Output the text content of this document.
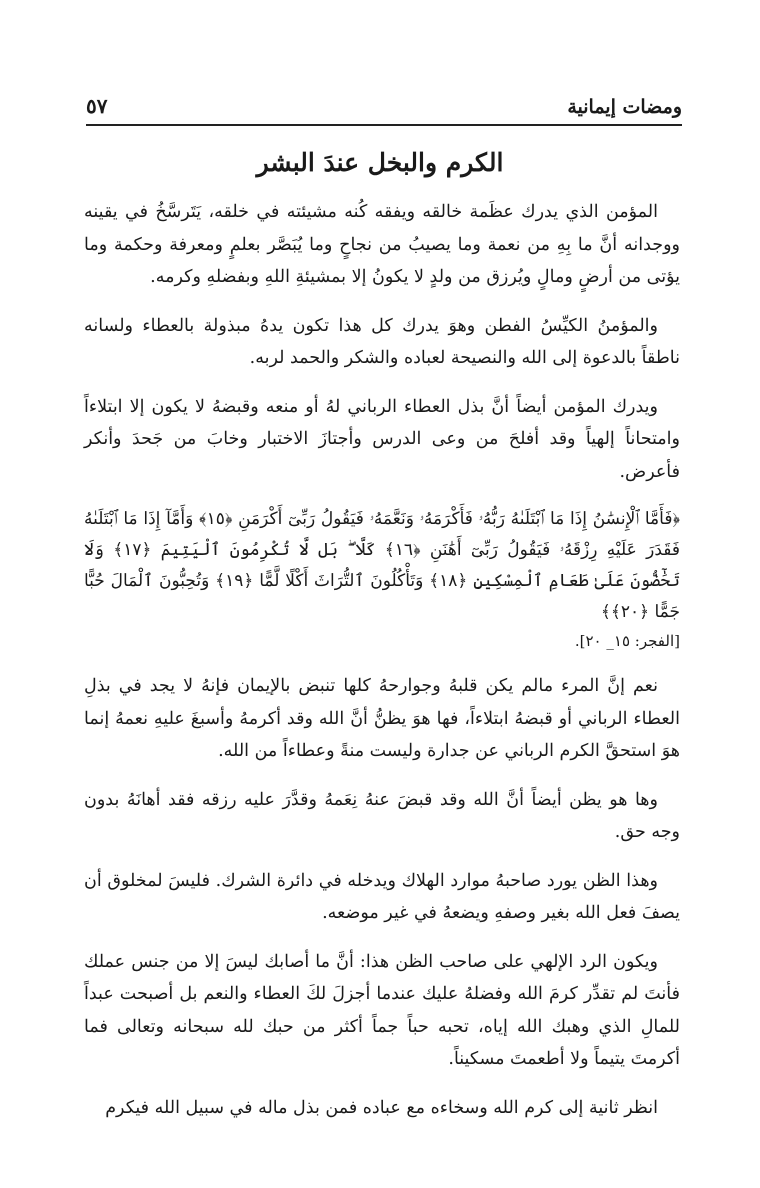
ومضات إيمانية
٥٧
الكرم والبخل عندَ البشر

المؤمن الذي يدرك عظَمة خالقه ويفقه كُنه مشيئته في خلقه، يَتَرسَّخُ في يقينه ووجدانه أنَّ ما بِهِ من نعمة وما يصيبُ من نجاحٍ وما يُبَصَّر بعلمٍ ومعرفة وحكمة وما يؤتى من أرضٍ ومالٍ ويُرزق من ولدٍ لا يكونُ إلا بمشيئةِ اللهِ وبفضلهِ وكرمه.

والمؤمنُ الكيِّسُ الفطن وهوَ يدرك كل هذا تكون يدهُ مبذولة بالعطاء ولسانه ناطقاً بالدعوة إلى الله والنصيحة لعباده والشكر والحمد لربه.

ويدرك المؤمن أيضاً أنَّ بذل العطاء الرباني لهُ أو منعه وقبضهُ لا يكون إلا ابتلاءاً وامتحاناً إلهياً وقد أفلحَ من وعى الدرس وأجتازَ الاختبار وخابَ من جَحدَ وأنكر فأعرض.

﴿فَأَمَّا ٱلْإِنسَٰنُ إِذَا مَا ٱبْتَلَىٰهُ رَبُّهُۥ فَأَكْرَمَهُۥ وَنَعَّمَهُۥ فَيَقُولُ رَبِّىٓ أَكْرَمَنِ ﴿١٥﴾ وَأَمَّآ إِذَا مَا ٱبْتَلَىٰهُ فَقَدَرَ عَلَيْهِ رِزْقَهُۥ فَيَقُولُ رَبِّىٓ أَهَٰنَنِ ﴿١٦﴾ كَلَّا ۖ بَل لَّا تُكْرِمُونَ ٱلْيَتِيمَ ﴿١٧﴾ وَلَا تَحَٰٓضُّونَ عَلَىٰ طَعَامِ ٱلْمِسْكِينِ ﴿١٨﴾ وَتَأْكُلُونَ ٱلتُّرَاثَ أَكْلًا لَّمًّا ﴿١٩﴾ وَتُحِبُّونَ ٱلْمَالَ حُبًّا جَمًّا ﴿٢٠﴾﴾

[الفجر: ١٥_ ٢٠].

نعم إنَّ المرء مالم يكن قلبهُ وجوارحهُ كلها تنبض بالإيمان فإنهُ لا يجد في بذلِ العطاء الرباني أو قبضهُ ابتلاءاً، فها هوَ يظنُّ أنَّ الله وقد أكرمهُ وأسبغَ عليهِ نعمهُ إنما هوَ استحقَّ الكرم الرباني عن جدارة وليست منةً وعطاءاً من الله.

وها هو يظن أيضاً أنَّ الله وقد قبضَ عنهُ نِعَمهُ وقدَّرَ عليه رزقه فقد أهانَهُ بدون وجه حق.

وهذا الظن يورد صاحبهُ موارد الهلاك ويدخله في دائرة الشرك. فليسَ لمخلوق أن يصفَ فعل الله بغير وصفهِ ويضعهُ في غير موضعه.

ويكون الرد الإلهي على صاحب الظن هذا: أنَّ ما أصابك ليسَ إلا من جنس عملك فأنتَ لم تقدِّر كرمَ الله وفضلهُ عليك عندما أجزلَ لكَ العطاء والنعم بل أصبحت عبداً للمالِ الذي وهبك الله إياه، تحبه حباً جماً أكثر من حبك لله سبحانه وتعالى فما أكرمتَ يتيماً ولا أطعمتَ مسكيناً.

انظر ثانية إلى كرم الله وسخاءه مع عباده فمن بذل ماله في سبيل الله فيكرم
